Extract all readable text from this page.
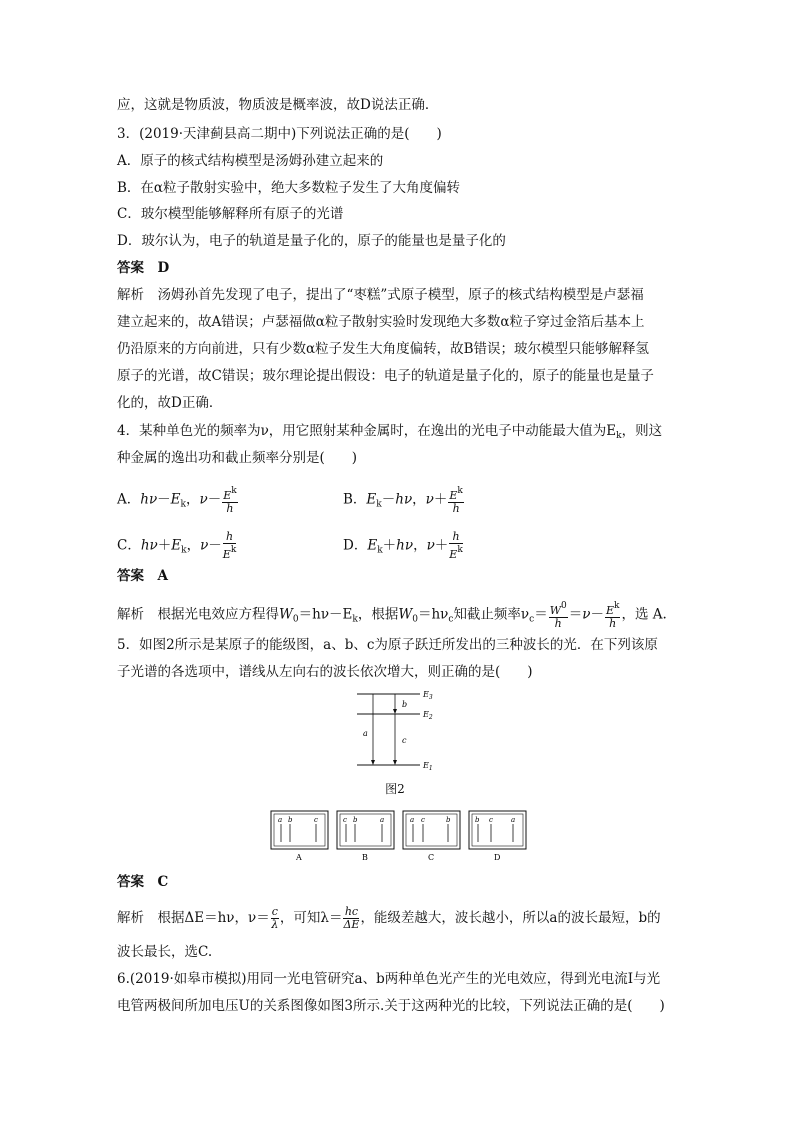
应，这就是物质波，物质波是概率波，故D说法正确．
3．(2019·天津蓟县高二期中)下列说法正确的是(　　)
A．原子的核式结构模型是汤姆孙建立起来的
B．在α粒子散射实验中，绝大多数粒子发生了大角度偏转
C．玻尔模型能够解释所有原子的光谱
D．玻尔认为，电子的轨道是量子化的，原子的能量也是量子化的
答案　D
解析　汤姆孙首先发现了电子，提出了“枣糕”式原子模型，原子的核式结构模型是卢瑟福
建立起来的，故A错误；卢瑟福做α粒子散射实验时发现绝大多数α粒子穿过金箔后基本上
仍沿原来的方向前进，只有少数α粒子发生大角度偏转，故B错误；玻尔模型只能够解释氢
原子的光谱，故C错误；玻尔理论提出假设：电子的轨道是量子化的，原子的能量也是量子
化的，故D正确．
4．某种单色光的频率为ν，用它照射某种金属时，在逸出的光电子中动能最大值为$E_k$，则这
种金属的逸出功和截止频率分别是(　　)
A．$h\nu-E_k$，$\nu- \frac{E^k}{h}$	B．$E_k-h\nu$，$\nu+ \frac{E^k}{h}$
C．$h\nu+E_k$，$\nu- \frac{h}{E^k}$	D．$E_k+h\nu$，$\nu+ \frac{h}{E^k}$
答案　A
解析　根据光电效应方程得$W_0=h\nu-E_k$，根据$W_0=h\nu_c$知截止频率$\nu_c= \frac{W^0}{h} =\nu- \frac{E^k}{h}$ ，选 A.
5．如图2所示是某原子的能级图，a、b、c为原子跃迁所发出的三种波长的光．在下列该原
子光谱的各选项中，谱线从左向右的波长依次增大，则正确的是(　　)
$E_3$
$E_2$
$E_1$
a
b
c
图2
a b	c
A
c b	a
B
a c	b
C
b c	a
D
答案　C
解析　根据ΔE＝hν，$\nu= \frac{c}{\lambda}$ ，可知$\lambda= \frac{hc}{\Delta E}$ ，能级差越大，波长越小，所以a的波长最短，b的
波长最长，选C.
6.(2019·如皋市模拟)用同一光电管研究a、b两种单色光产生的光电效应，得到光电流I与光
电管两极间所加电压U的关系图像如图3所示.关于这两种光的比较，下列说法正确的是(　　)
